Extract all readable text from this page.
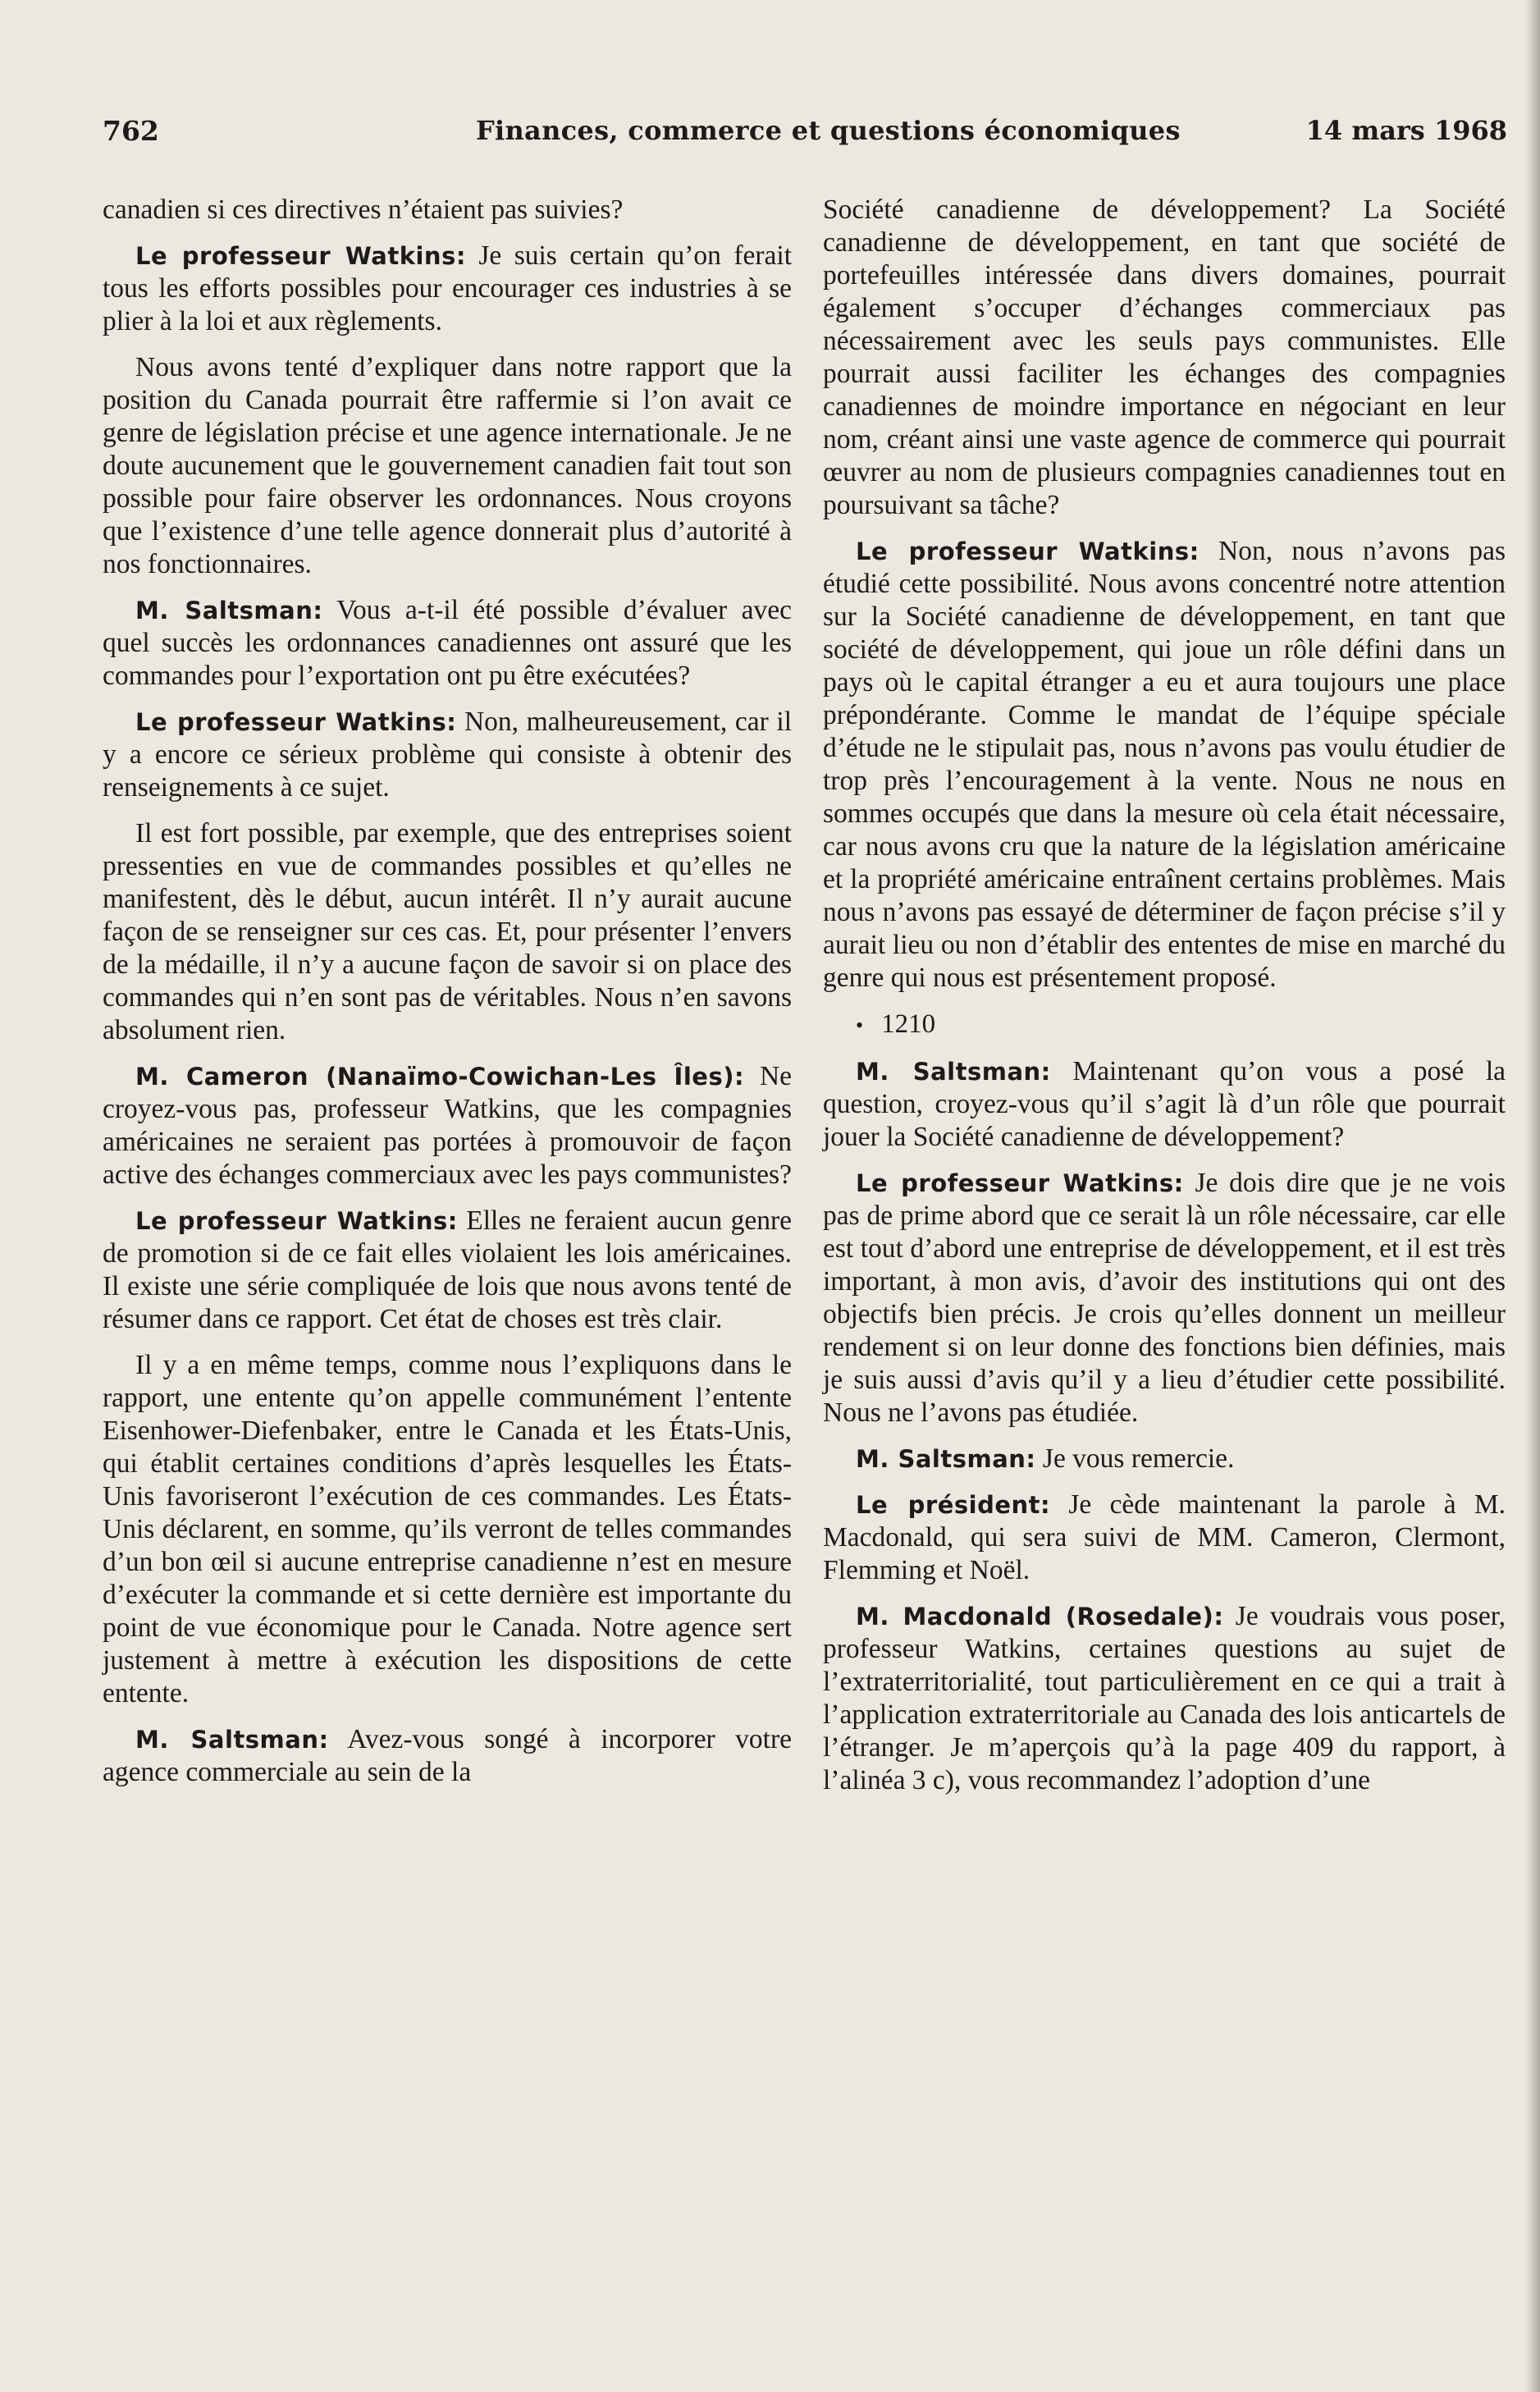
762	Finances, commerce et questions économiques	14 mars 1968

canadien si ces directives n’étaient pas suivies?

Le professeur Watkins: Je suis certain qu’on ferait tous les efforts possibles pour encourager ces industries à se plier à la loi et aux règlements.

Nous avons tenté d’expliquer dans notre rapport que la position du Canada pourrait être raffermie si l’on avait ce genre de législation précise et une agence internationale. Je ne doute aucunement que le gouvernement canadien fait tout son possible pour faire observer les ordonnances. Nous croyons que l’existence d’une telle agence donnerait plus d’autorité à nos fonctionnaires.

M. Saltsman: Vous a-t-il été possible d’évaluer avec quel succès les ordonnances canadiennes ont assuré que les commandes pour l’exportation ont pu être exécutées?

Le professeur Watkins: Non, malheureusement, car il y a encore ce sérieux problème qui consiste à obtenir des renseignements à ce sujet.

Il est fort possible, par exemple, que des entreprises soient pressenties en vue de commandes possibles et qu’elles ne manifestent, dès le début, aucun intérêt. Il n’y aurait aucune façon de se renseigner sur ces cas. Et, pour présenter l’envers de la médaille, il n’y a aucune façon de savoir si on place des commandes qui n’en sont pas de véritables. Nous n’en savons absolument rien.

M. Cameron (Nanaïmo-Cowichan-Les Îles): Ne croyez-vous pas, professeur Watkins, que les compagnies américaines ne seraient pas portées à promouvoir de façon active des échanges commerciaux avec les pays communistes?

Le professeur Watkins: Elles ne feraient aucun genre de promotion si de ce fait elles violaient les lois américaines. Il existe une série compliquée de lois que nous avons tenté de résumer dans ce rapport. Cet état de choses est très clair.

Il y a en même temps, comme nous l’expliquons dans le rapport, une entente qu’on appelle communément l’entente Eisenhower-Diefenbaker, entre le Canada et les États-Unis, qui établit certaines conditions d’après lesquelles les États-Unis favoriseront l’exécution de ces commandes. Les États-Unis déclarent, en somme, qu’ils verront de telles commandes d’un bon œil si aucune entreprise canadienne n’est en mesure d’exécuter la commande et si cette dernière est importante du point de vue économique pour le Canada. Notre agence sert justement à mettre à exécution les dispositions de cette entente.

M. Saltsman: Avez-vous songé à incorporer votre agence commerciale au sein de la

Société canadienne de développement? La Société canadienne de développement, en tant que société de portefeuilles intéressée dans divers domaines, pourrait également s’occuper d’échanges commerciaux pas nécessairement avec les seuls pays communistes. Elle pourrait aussi faciliter les échanges des compagnies canadiennes de moindre importance en négociant en leur nom, créant ainsi une vaste agence de commerce qui pourrait œuvrer au nom de plusieurs compagnies canadiennes tout en poursuivant sa tâche?

Le professeur Watkins: Non, nous n’avons pas étudié cette possibilité. Nous avons concentré notre attention sur la Société canadienne de développement, en tant que société de développement, qui joue un rôle défini dans un pays où le capital étranger a eu et aura toujours une place prépondérante. Comme le mandat de l’équipe spéciale d’étude ne le stipulait pas, nous n’avons pas voulu étudier de trop près l’encouragement à la vente. Nous ne nous en sommes occupés que dans la mesure où cela était nécessaire, car nous avons cru que la nature de la législation américaine et la propriété américaine entraînent certains problèmes. Mais nous n’avons pas essayé de déterminer de façon précise s’il y aurait lieu ou non d’établir des ententes de mise en marché du genre qui nous est présentement proposé.

• 1210

M. Saltsman: Maintenant qu’on vous a posé la question, croyez-vous qu’il s’agit là d’un rôle que pourrait jouer la Société canadienne de développement?

Le professeur Watkins: Je dois dire que je ne vois pas de prime abord que ce serait là un rôle nécessaire, car elle est tout d’abord une entreprise de développement, et il est très important, à mon avis, d’avoir des institutions qui ont des objectifs bien précis. Je crois qu’elles donnent un meilleur rendement si on leur donne des fonctions bien définies, mais je suis aussi d’avis qu’il y a lieu d’étudier cette possibilité. Nous ne l’avons pas étudiée.

M. Saltsman: Je vous remercie.

Le président: Je cède maintenant la parole à M. Macdonald, qui sera suivi de MM. Cameron, Clermont, Flemming et Noël.

M. Macdonald (Rosedale): Je voudrais vous poser, professeur Watkins, certaines questions au sujet de l’extraterritorialité, tout particulièrement en ce qui a trait à l’application extraterritoriale au Canada des lois anticartels de l’étranger. Je m’aperçois qu’à la page 409 du rapport, à l’alinéa 3 c), vous recommandez l’adoption d’une
